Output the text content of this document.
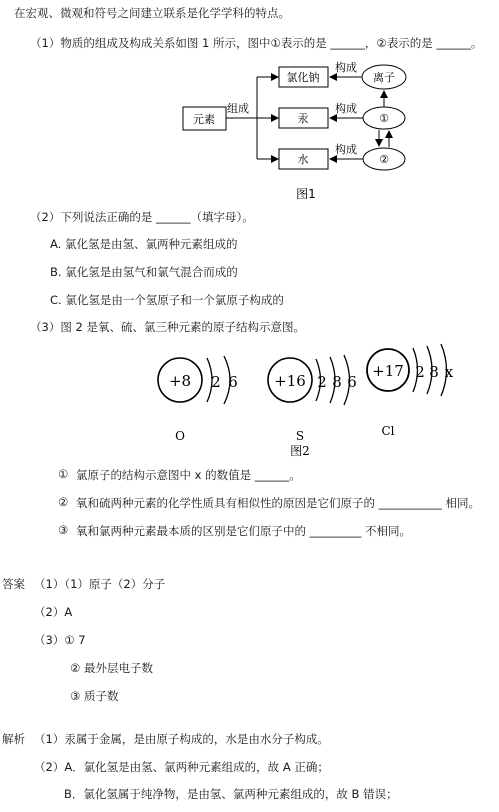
在宏观、微观和符号之间建立联系是化学学科的特点。
（1）物质的组成及构成关系如图 1 所示，图中①表示的是 ______，②表示的是 ______。
元素
组成
氯化钠
汞
水
构成
构成
构成
离子
①
②
图1
（2）下列说法正确的是 ______（填字母）。
A. 氯化氢是由氢、氯两种元素组成的
B. 氯化氢是由氢气和氯气混合而成的
C. 氯化氢是由一个氢原子和一个氯原子构成的
（3）图 2 是氧、硫、氯三种元素的原子结构示意图。
+8 2 6
O
+16 2 8 6
S
+17 2 8 x
Cl
图2
① 氯原子的结构示意图中 x 的数值是 ______。
② 氧和硫两种元素的化学性质具有相似性的原因是它们原子的 ___________ 相同。
③ 氧和氯两种元素最本质的区别是它们原子中的 _________ 不相同。
答案 （1）（1）原子（2）分子
（2）A
（3）① 7
② 最外层电子数
③ 质子数
解析 （1）汞属于金属，是由原子构成的，水是由水分子构成。
（2）A．氯化氢是由氢、氯两种元素组成的，故 A 正确；
B．氯化氢属于纯净物，是由氢、氯两种元素组成的，故 B 错误；
